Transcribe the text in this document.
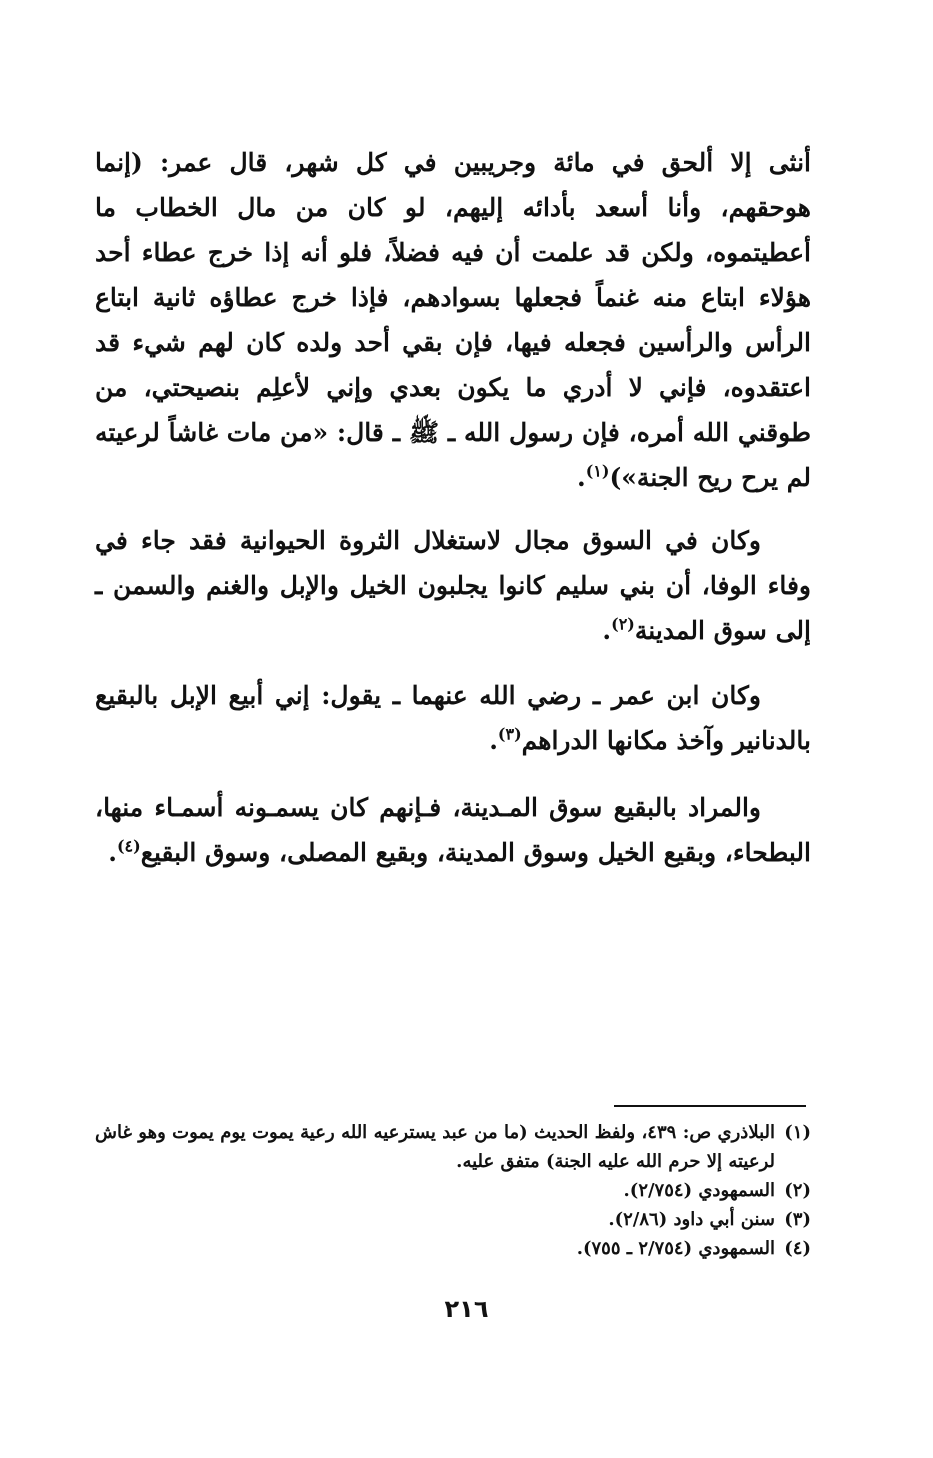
أنثى إلا ألحق في مائة وجريبين في كل شهر، قال عمر: (إنما هوحقهم، وأنا أسعد بأدائه إليهم، لو كان من مال الخطاب ما أعطيتموه، ولكن قد علمت أن فيه فضلاً، فلو أنه إذا خرج عطاء أحد هؤلاء ابتاع منه غنماً فجعلها بسوادهم، فإذا خرج عطاؤه ثانية ابتاع الرأس والرأسين فجعله فيها، فإن بقي أحد ولده كان لهم شيء قد اعتقدوه، فإني لا أدري ما يكون بعدي وإني لأعلِم بنصيحتي، من طوقني الله أمره، فإن رسول الله ـ ﷺ ـ قال: «من مات غاشاً لرعيته لم يرح ريح الجنة»)$^{(١)}$.

وكان في السوق مجال لاستغلال الثروة الحيوانية فقد جاء في وفاء الوفا، أن بني سليم كانوا يجلبون الخيل والإبل والغنم والسمن ـ إلى سوق المدينة$^{(٢)}$.

وكان ابن عمر ـ رضي الله عنهما ـ يقول: إني أبيع الإبل بالبقيع بالدنانير وآخذ مكانها الدراهم$^{(٣)}$.

والمراد بالبقيع سوق المـدينة، فـإنهم كان يسمـونه أسمـاء منها، البطحاء، وبقيع الخيل وسوق المدينة، وبقيع المصلى، وسوق البقيع$^{(٤)}$.

(١)البلاذري ص: ٤٣٩، ولفظ الحديث (ما من عبد يسترعيه الله رعية يموت يوم يموت وهو غاش لرعيته إلا حرم الله عليه الجنة) متفق عليه.

(٢)السمهودي (٢/٧٥٤).

(٣)سنن أبي داود (٢/٨٦).

(٤)السمهودي (٢/٧٥٤ ـ ٧٥٥).

٢١٦
